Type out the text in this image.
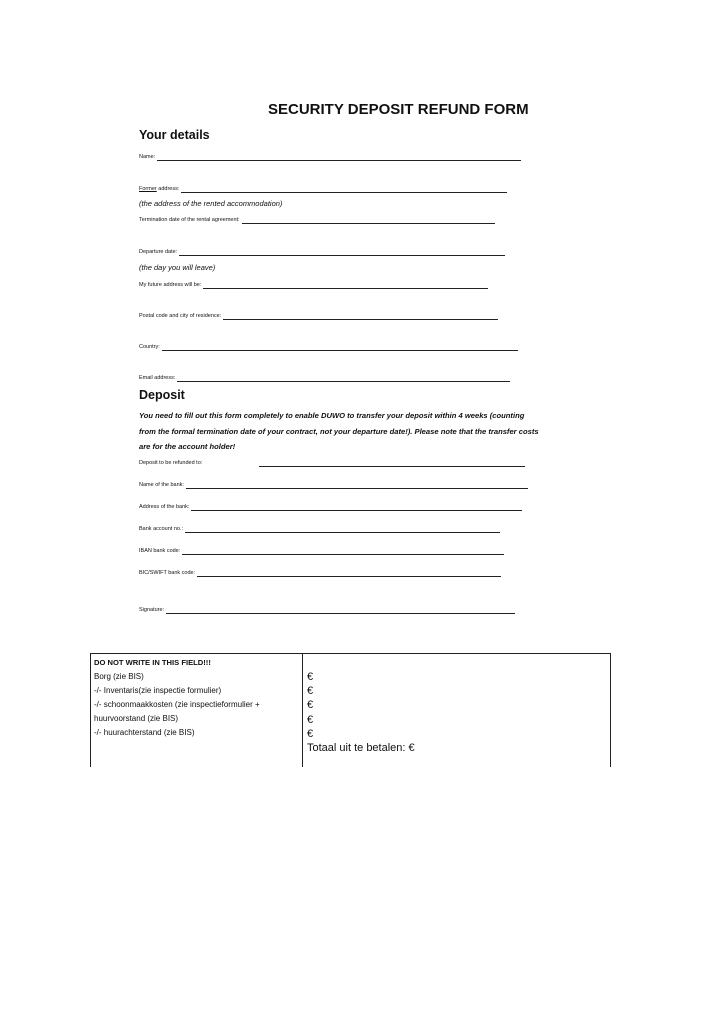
SECURITY DEPOSIT REFUND FORM
Your details
Name:
Former address:
(the address of the rented accommodation)
Termination date of the rental agreement:
Departure date:
(the day you will leave)
My future address will be:
Postal code and city of residence:
Country:
Email address:
Deposit
You need to fill out this form completely to enable DUWO to transfer your deposit within 4 weeks (counting
from the formal termination date of your contract, not your departure date!). Please note that the transfer costs
are for the account holder!
Deposit to be refunded to:
Name of the bank:
Address of the bank:
Bank account no.:
IBAN bank code:
BIC/SWIFT bank code:
Signature:
DO NOT WRITE IN THIS FIELD!!!
Borg (zie BIS)
-/- Inventaris(zie inspectie formulier)
-/- schoonmaakkosten (zie inspectieformulier +
huurvoorstand (zie BIS)
-/- huurachterstand (zie BIS)
€
€
€
€
€
Totaal uit te betalen: €
